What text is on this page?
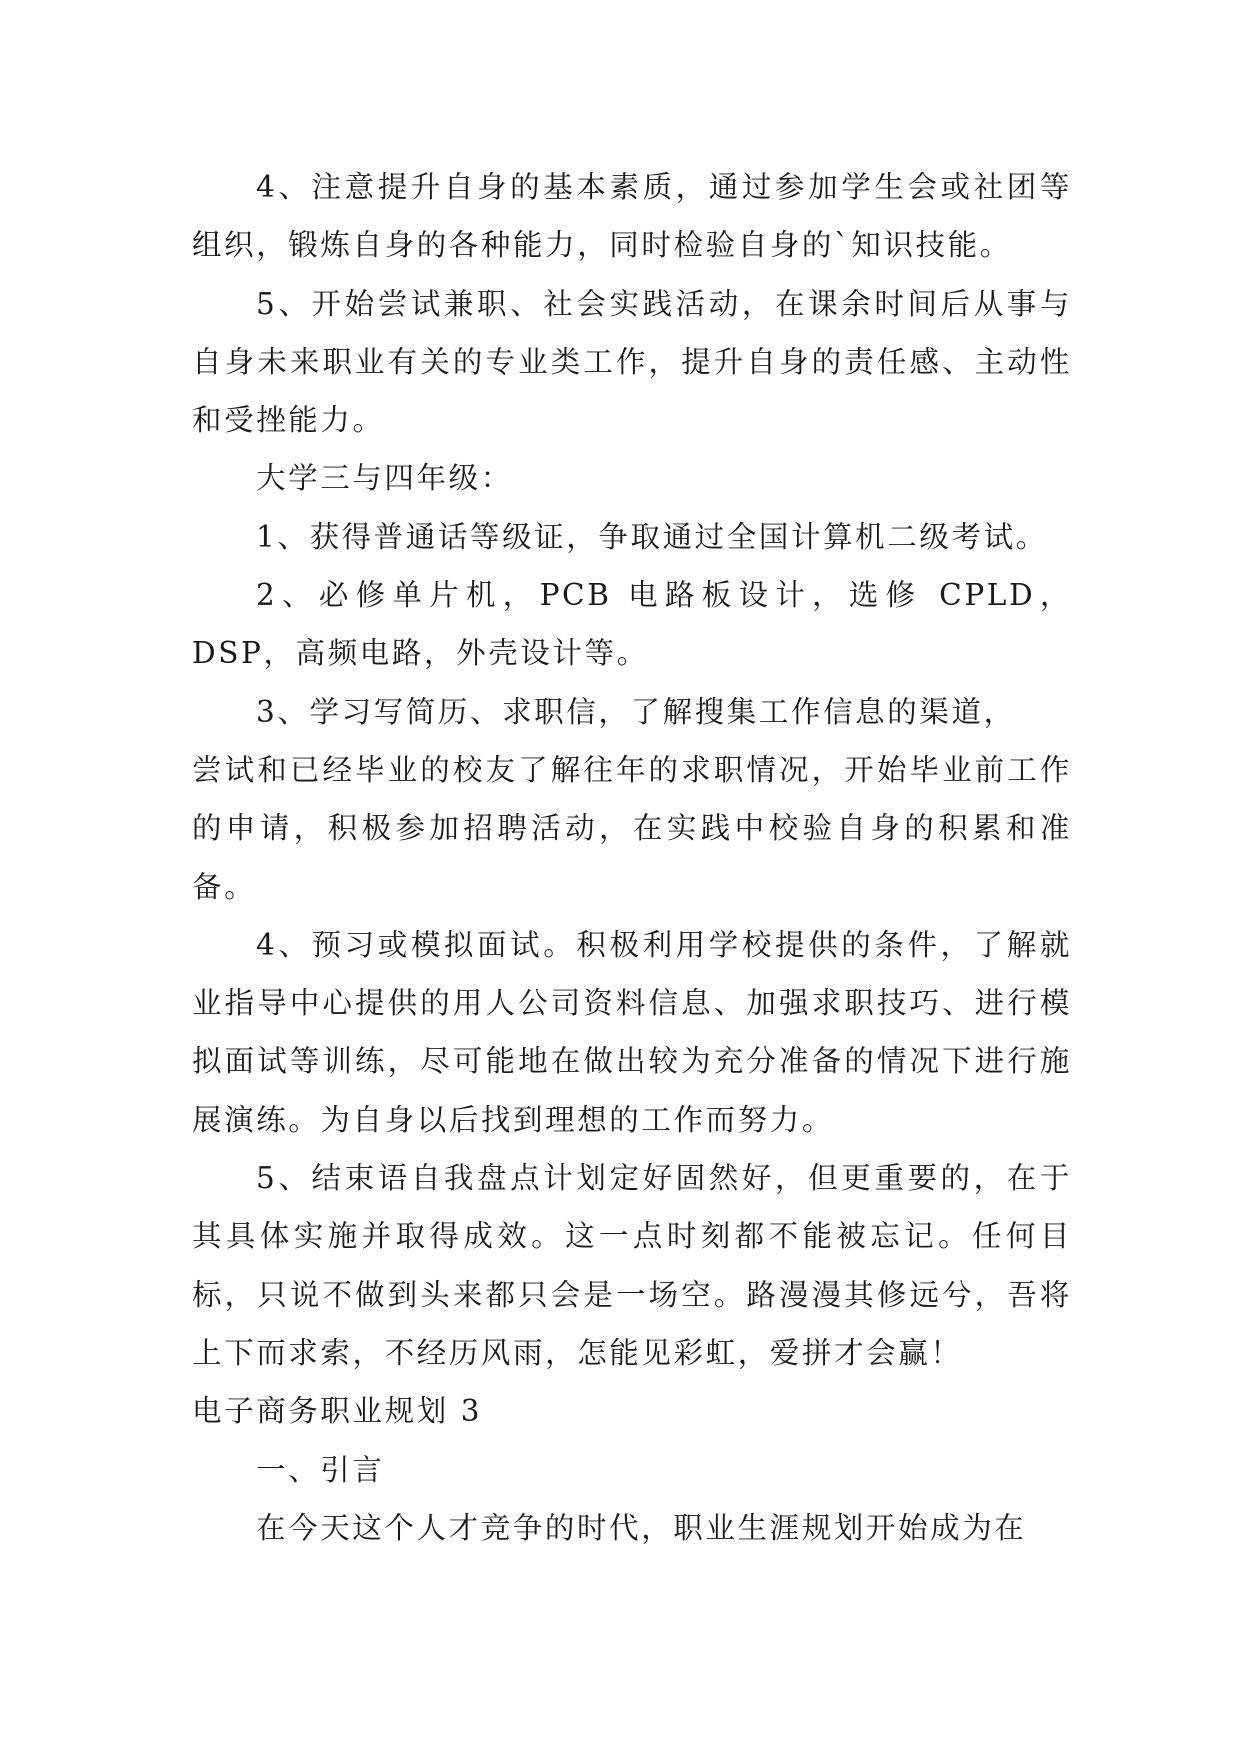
4、注意提升自身的基本素质，通过参加学生会或社团等组织，锻炼自身的各种能力，同时检验自身的`知识技能。

5、开始尝试兼职、社会实践活动，在课余时间后从事与自身未来职业有关的专业类工作，提升自身的责任感、主动性和受挫能力。

大学三与四年级：

1、获得普通话等级证，争取通过全国计算机二级考试。

2、必修单片机，PCB 电路板设计，选修 CPLD，DSP，高频电路，外壳设计等。

3、学习写简历、求职信，了解搜集工作信息的渠道，

尝试和已经毕业的校友了解往年的求职情况，开始毕业前工作的申请，积极参加招聘活动，在实践中校验自身的积累和准备。

4、预习或模拟面试。积极利用学校提供的条件，了解就业指导中心提供的用人公司资料信息、加强求职技巧、进行模拟面试等训练，尽可能地在做出较为充分准备的情况下进行施展演练。为自身以后找到理想的工作而努力。

5、结束语自我盘点计划定好固然好，但更重要的，在于其具体实施并取得成效。这一点时刻都不能被忘记。任何目标，只说不做到头来都只会是一场空。路漫漫其修远兮，吾将上下而求索，不经历风雨，怎能见彩虹，爱拼才会赢！

电子商务职业规划 3

一、引言

在今天这个人才竞争的时代，职业生涯规划开始成为在
